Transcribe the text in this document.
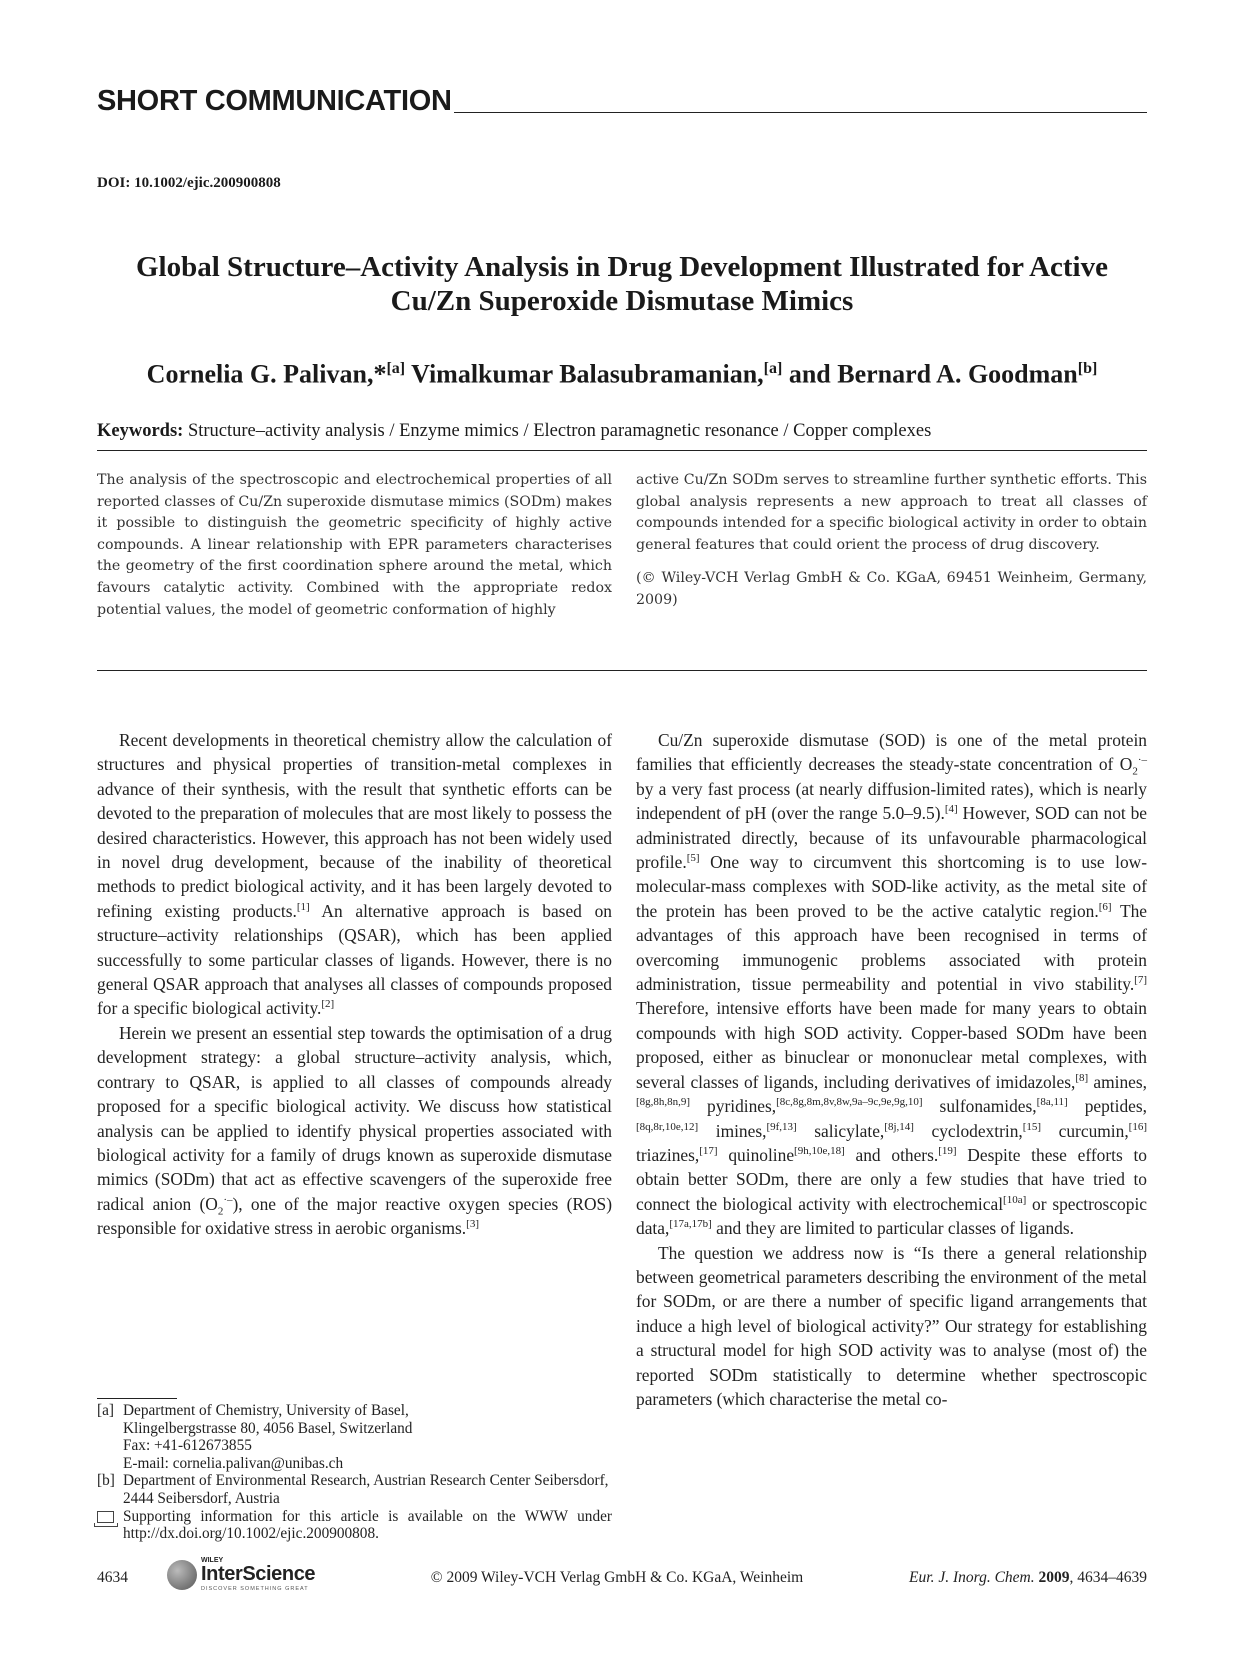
SHORT COMMUNICATION
DOI: 10.1002/ejic.200900808
Global Structure–Activity Analysis in Drug Development Illustrated for Active
Cu/Zn Superoxide Dismutase Mimics
Cornelia G. Palivan,*[a] Vimalkumar Balasubramanian,[a] and Bernard A. Goodman[b]
Keywords: Structure–activity analysis / Enzyme mimics / Electron paramagnetic resonance / Copper complexes

The analysis of the spectroscopic and electrochemical properties of all reported classes of Cu/Zn superoxide dismutase mimics (SODm) makes it possible to distinguish the geometric specificity of highly active compounds. A linear relationship with EPR parameters characterises the geometry of the first coordination sphere around the metal, which favours catalytic activity. Combined with the appropriate redox potential values, the model of geometric conformation of highly

active Cu/Zn SODm serves to streamline further synthetic efforts. This global analysis represents a new approach to treat all classes of compounds intended for a specific biological activity in order to obtain general features that could orient the process of drug discovery.

(© Wiley-VCH Verlag GmbH & Co. KGaA, 69451 Weinheim, Germany, 2009)

Recent developments in theoretical chemistry allow the calculation of structures and physical properties of transition-metal complexes in advance of their synthesis, with the result that synthetic efforts can be devoted to the preparation of molecules that are most likely to possess the desired characteristics. However, this approach has not been widely used in novel drug development, because of the inability of theoretical methods to predict biological activity, and it has been largely devoted to refining existing products.[1] An alternative approach is based on structure–activity relationships (QSAR), which has been applied successfully to some particular classes of ligands. However, there is no general QSAR approach that analyses all classes of compounds proposed for a specific biological activity.[2]

Herein we present an essential step towards the optimisation of a drug development strategy: a global structure–activity analysis, which, contrary to QSAR, is applied to all classes of compounds already proposed for a specific biological activity. We discuss how statistical analysis can be applied to identify physical properties associated with biological activity for a family of drugs known as superoxide dismutase mimics (SODm) that act as effective scavengers of the superoxide free radical anion $(O_2^{\cdot-})$, one of the major reactive oxygen species (ROS) responsible for oxidative stress in aerobic organisms.[3]

[a] Department of Chemistry, University of Basel,
Klingelbergstrasse 80, 4056 Basel, Switzerland
Fax: +41-612673855
E-mail: cornelia.palivan@unibas.ch
[b] Department of Environmental Research, Austrian Research Center Seibersdorf,
2444 Seibersdorf, Austria
Supporting information for this article is available on the WWW under http://dx.doi.org/10.1002/ejic.200900808.

Cu/Zn superoxide dismutase (SOD) is one of the metal protein families that efficiently decreases the steady-state concentration of $O_2^{\cdot-}$ by a very fast process (at nearly diffusion-limited rates), which is nearly independent of pH (over the range 5.0–9.5).[4] However, SOD can not be administrated directly, because of its unfavourable pharmacological profile.[5] One way to circumvent this shortcoming is to use low-molecular-mass complexes with SOD-like activity, as the metal site of the protein has been proved to be the active catalytic region.[6] The advantages of this approach have been recognised in terms of overcoming immunogenic problems associated with protein administration, tissue permeability and potential in vivo stability.[7] Therefore, intensive efforts have been made for many years to obtain compounds with high SOD activity. Copper-based SODm have been proposed, either as binuclear or mononuclear metal complexes, with several classes of ligands, including derivatives of imidazoles,[8] amines,[8g,8h,8n,9] pyridines,[8c,8g,8m,8v,8w,9a–9c,9e,9g,10] sulfonamides,[8a,11] peptides,[8q,8r,10e,12] imines,[9f,13] salicylate,[8j,14] cyclodextrin,[15] curcumin,[16] triazines,[17] quinoline[9h,10e,18] and others.[19] Despite these efforts to obtain better SODm, there are only a few studies that have tried to connect the biological activity with electrochemical[10a] or spectroscopic data,[17a,17b] and they are limited to particular classes of ligands.

The question we address now is “Is there a general relationship between geometrical parameters describing the environment of the metal for SODm, or are there a number of specific ligand arrangements that induce a high level of biological activity?” Our strategy for establishing a structural model for high SOD activity was to analyse (most of) the reported SODm statistically to determine whether spectroscopic parameters (which characterise the metal co-

4634
WILEY
InterScience
DISCOVER SOMETHING GREAT
© 2009 Wiley-VCH Verlag GmbH & Co. KGaA, Weinheim	Eur. J. Inorg. Chem. 2009, 4634–4639
